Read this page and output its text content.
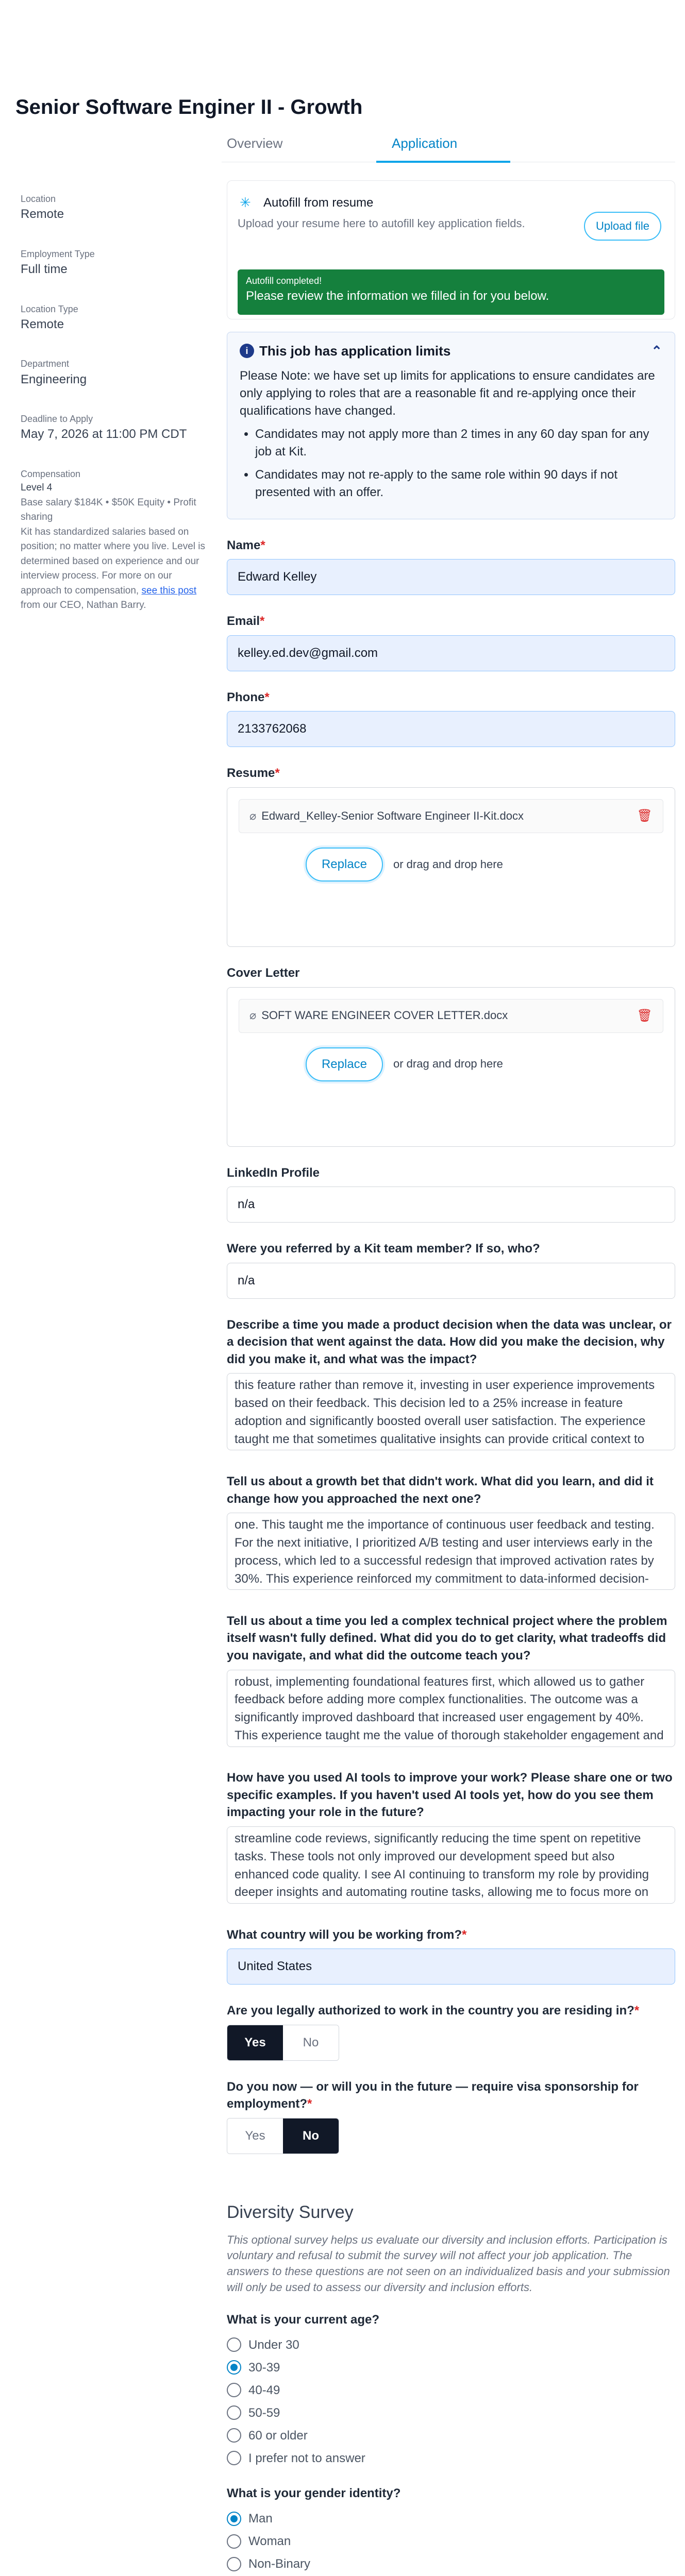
Senior Software Enginer II - Growth
Overview	Application
Location
Remote
Employment Type
Full time
Location Type
Remote
Department
Engineering
Deadline to Apply
May 7, 2026 at 11:00 PM CDT
Compensation
Level 4
Base salary $184K • $50K Equity • Profit sharing
Kit has standardized salaries based on position; no matter where you live. Level is determined based on experience and our interview process. For more on our approach to compensation, see this post from our CEO, Nathan Barry.
✳	Autofill from resume
Upload your resume here to autofill key application fields.	Upload file
Autofill completed!
Please review the information we filled in for you below.
i This job has application limits	⌃

Please Note: we have set up limits for applications to ensure candidates are only applying to roles that are a reasonable fit and re-applying once their qualifications have changed.

• Candidates may not apply more than 2 times in any 60 day span for any job at Kit.
• Candidates may not re-apply to the same role within 90 days if not presented with an offer.
Name*
Edward Kelley
Email*
kelley.ed.dev@gmail.com
Phone*
2133762068
Resume*
⌀ Edward_Kelley-Senior Software Engineer II-Kit.docx	🗑
Replace	or drag and drop here
Cover Letter
⌀ SOFT WARE ENGINEER COVER LETTER.docx	🗑
Replace	or drag and drop here
LinkedIn Profile
n/a
Were you referred by a Kit team member? If so, who?
n/a
Describe a time you made a product decision when the data was unclear, or a decision that went against the data. How did you make the decision, why did you make it, and what was the impact?
this feature rather than remove it, investing in user experience improvements based on their feedback. This decision led to a 25% increase in feature adoption and significantly boosted overall user satisfaction. The experience taught me that sometimes qualitative insights can provide critical context to seemingly clear data trends.
Tell us about a growth bet that didn't work. What did you learn, and did it change how you approached the next one?
one. This taught me the importance of continuous user feedback and testing. For the next initiative, I prioritized A/B testing and user interviews early in the process, which led to a successful redesign that improved activation rates by 30%. This experience reinforced my commitment to data-informed decision-making.
Tell us about a time you led a complex technical project where the problem itself wasn't fully defined. What did you do to get clarity, what tradeoffs did you navigate, and what did the outcome teach you?
robust, implementing foundational features first, which allowed us to gather feedback before adding more complex functionalities. The outcome was a significantly improved dashboard that increased user engagement by 40%. This experience taught me the value of thorough stakeholder engagement and iterative development in navigating ambiguity.
How have you used AI tools to improve your work? Please share one or two specific examples. If you haven't used AI tools yet, how do you see them impacting your role in the future?
streamline code reviews, significantly reducing the time spent on repetitive tasks. These tools not only improved our development speed but also enhanced code quality. I see AI continuing to transform my role by providing deeper insights and automating routine tasks, allowing me to focus more on strategic problem-solving and innovation.
What country will you be working from?*
United States
Are you legally authorized to work in the country you are residing in?*
Yes	No
Do you now — or will you in the future — require visa sponsorship for employment?*
Yes	No
Diversity Survey
This optional survey helps us evaluate our diversity and inclusion efforts. Participation is voluntary and refusal to submit the survey will not affect your job application. The answers to these questions are not seen on an individualized basis and your submission will only be used to assess our diversity and inclusion efforts.
What is your current age?
Under 30
30-39
40-49
50-59
60 or older
I prefer not to answer
What is your gender identity?
Man
Woman
Non-Binary
